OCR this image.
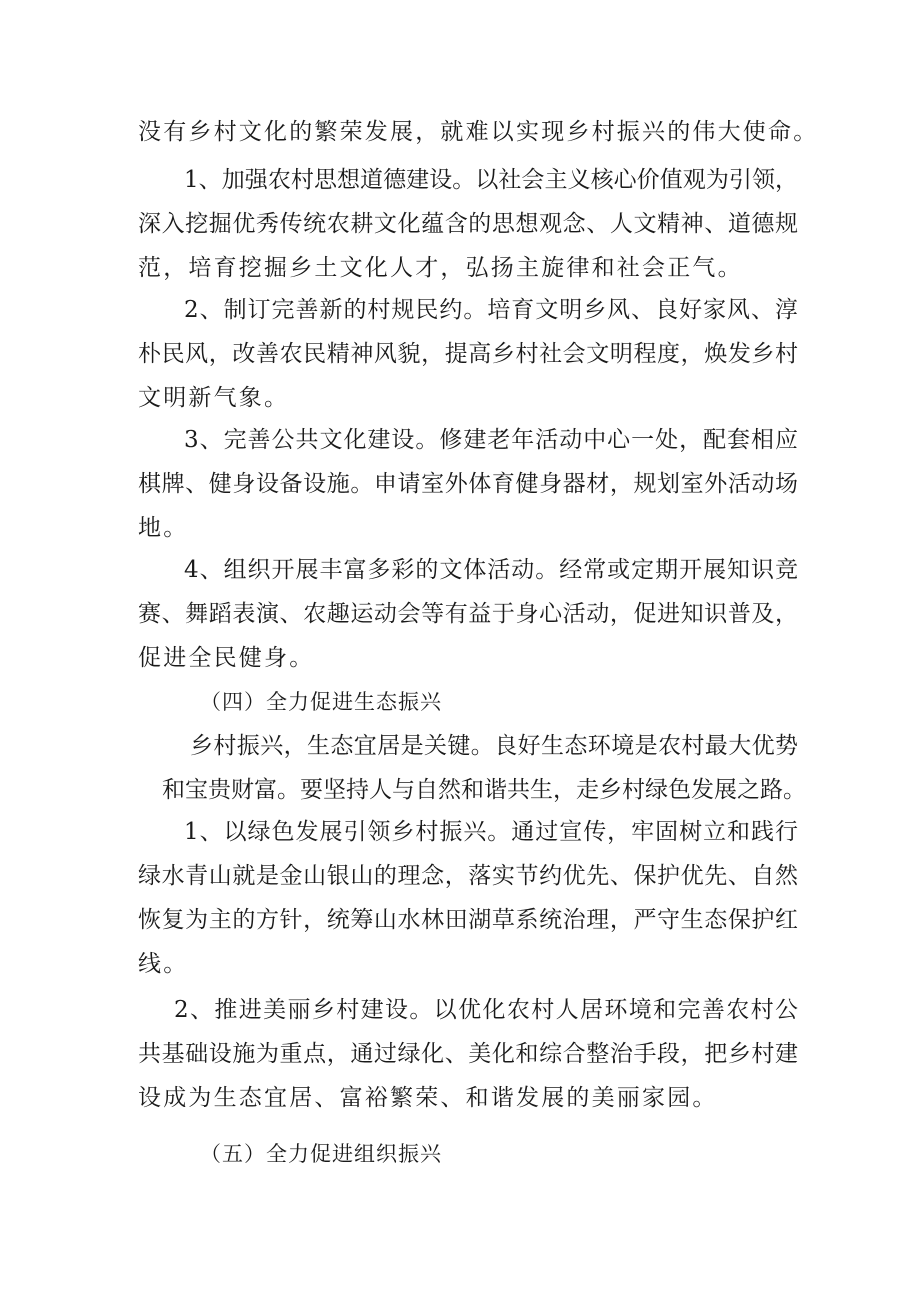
没有乡村文化的繁荣发展，就难以实现乡村振兴的伟大使命。
1、加强农村思想道德建设。以社会主义核心价值观为引领，
深入挖掘优秀传统农耕文化蕴含的思想观念、人文精神、道德规
范，培育挖掘乡土文化人才，弘扬主旋律和社会正气。
2、制订完善新的村规民约。培育文明乡风、良好家风、淳
朴民风，改善农民精神风貌，提高乡村社会文明程度，焕发乡村
文明新气象。
3、完善公共文化建设。修建老年活动中心一处，配套相应
棋牌、健身设备设施。申请室外体育健身器材，规划室外活动场
地。
4、组织开展丰富多彩的文体活动。经常或定期开展知识竞
赛、舞蹈表演、农趣运动会等有益于身心活动，促进知识普及，
促进全民健身。
（四）全力促进生态振兴
乡村振兴，生态宜居是关键。良好生态环境是农村最大优势
和宝贵财富。要坚持人与自然和谐共生，走乡村绿色发展之路。
1、以绿色发展引领乡村振兴。通过宣传，牢固树立和践行
绿水青山就是金山银山的理念，落实节约优先、保护优先、自然
恢复为主的方针，统筹山水林田湖草系统治理，严守生态保护红
线。
2、推进美丽乡村建设。以优化农村人居环境和完善农村公
共基础设施为重点，通过绿化、美化和综合整治手段，把乡村建
设成为生态宜居、富裕繁荣、和谐发展的美丽家园。
（五）全力促进组织振兴
